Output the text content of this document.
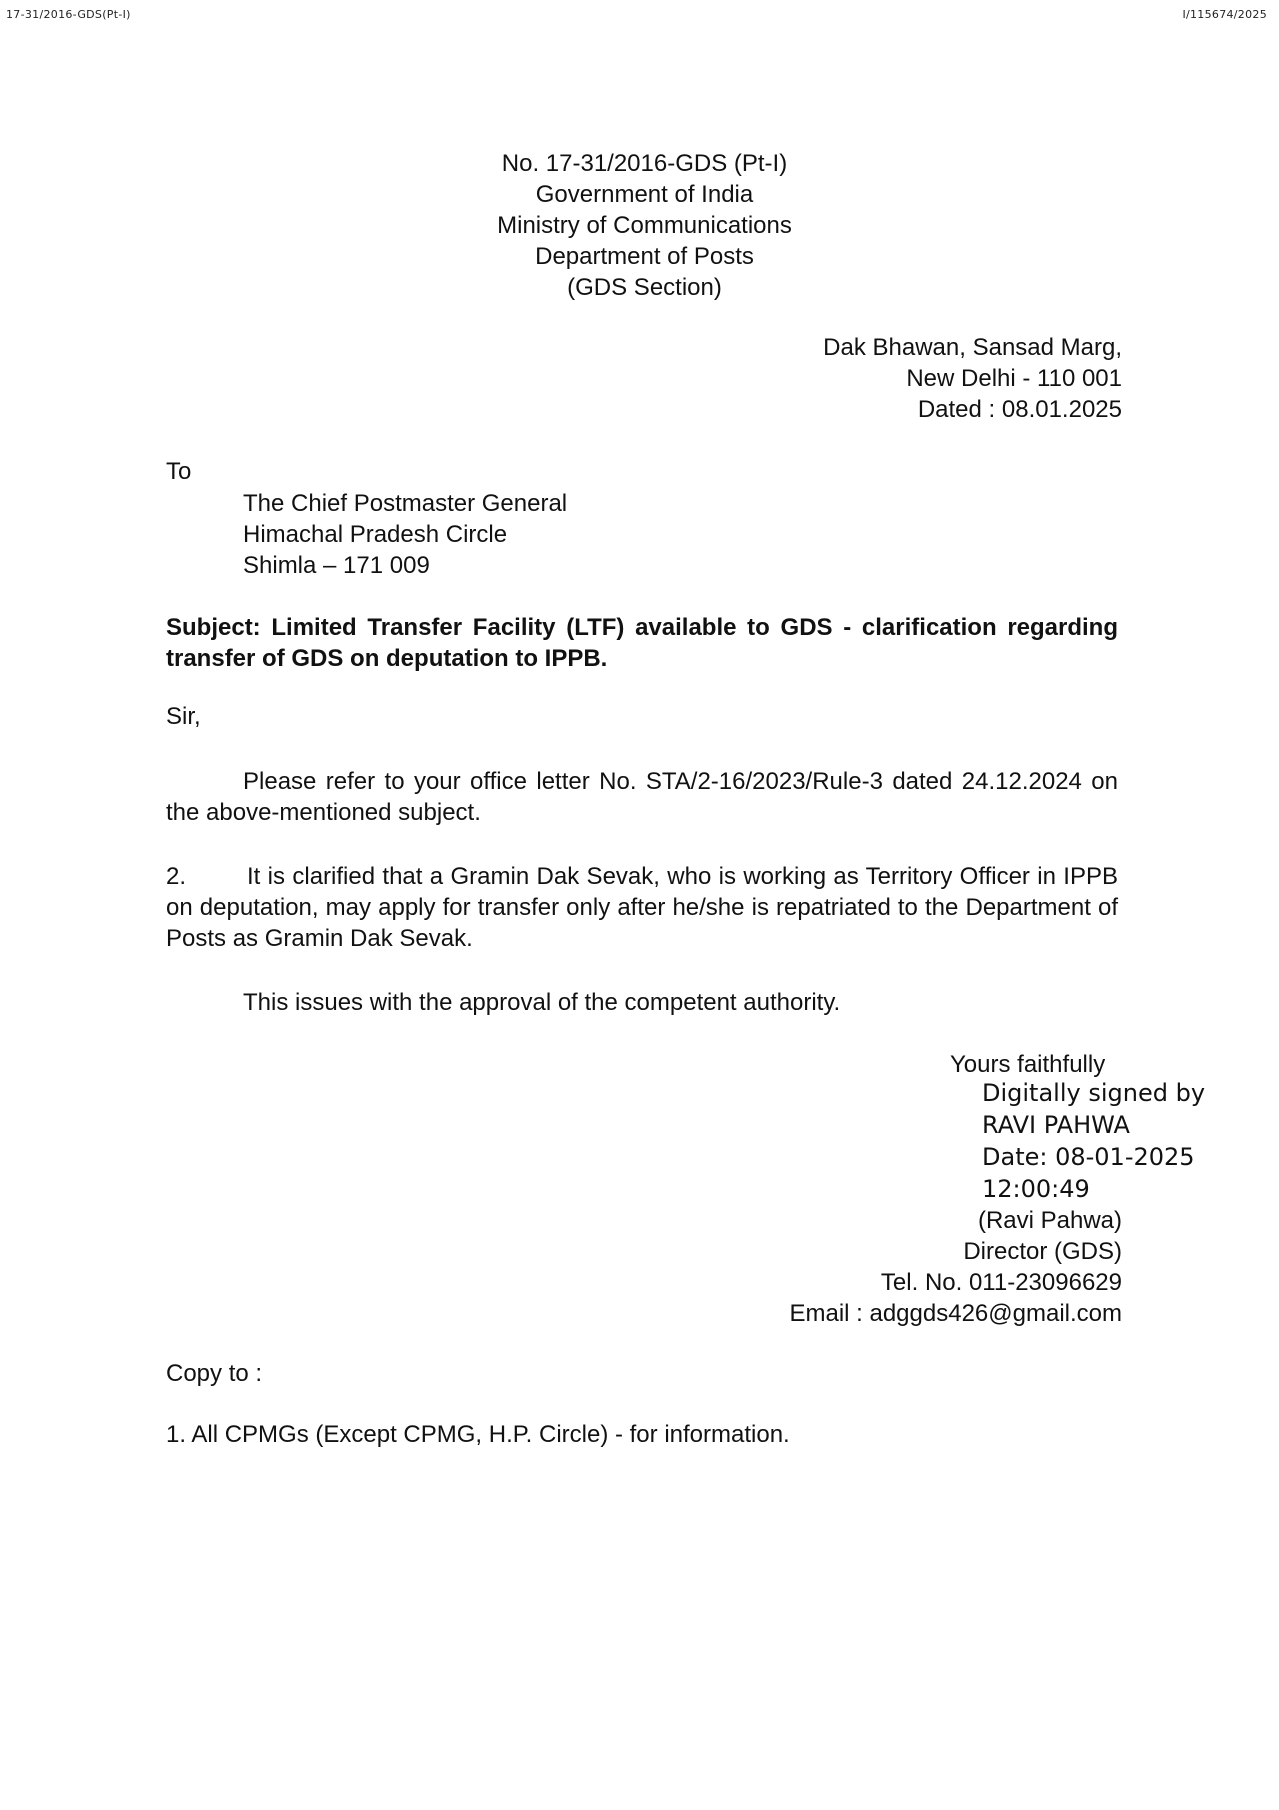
17-31/2016-GDS(Pt-I)	I/115674/2025
No. 17-31/2016-GDS (Pt-I)
Government of India
Ministry of Communications
Department of Posts
(GDS Section)
Dak Bhawan, Sansad Marg,
New Delhi - 110 001
Dated : 08.01.2025
To
The Chief Postmaster General
Himachal Pradesh Circle
Shimla – 171 009
Subject: Limited Transfer Facility (LTF) available to GDS - clarification regarding transfer of GDS on deputation to IPPB.
Sir,
Please refer to your office letter No. STA/2-16/2023/Rule-3 dated 24.12.2024 on the above-mentioned subject.
2.	It is clarified that a Gramin Dak Sevak, who is working as Territory Officer in IPPB on deputation, may apply for transfer only after he/she is repatriated to the Department of Posts as Gramin Dak Sevak.
This issues with the approval of the competent authority.
Yours faithfully
Digitally signed by
RAVI PAHWA
Date: 08-01-2025
12:00:49
(Ravi Pahwa)
Director (GDS)
Tel. No. 011-23096629
Email : adggds426@gmail.com
Copy to :
1. All CPMGs (Except CPMG, H.P. Circle) - for information.
